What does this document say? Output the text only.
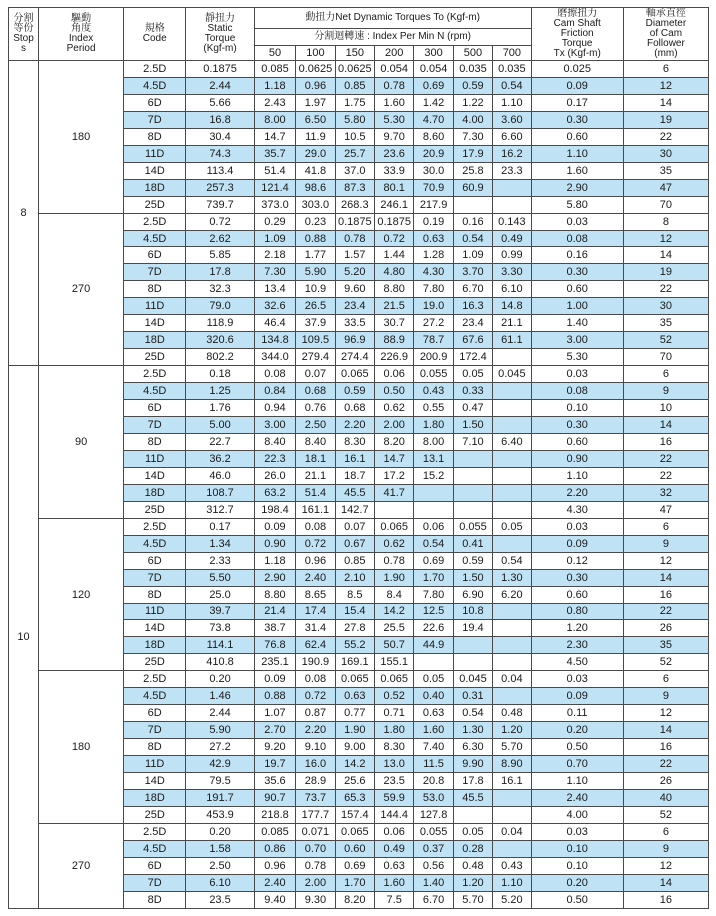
分割
等份
Stop
s	驅動
角度
Index
Period	規格
Code	靜扭力
Static
Torque
(Kgf-m)	動扭力Net Dynamic Torques To (Kgf-m)							磨擦扭力
Cam Shaft
Friction
Torque
Tx (Kgf-m)	軸承直徑
Diameter
of Cam
Follower
(mm)

				分割迴轉速 : Index Per Min N (rpm)								
				50	100	150	200	300	500	700		
8	180	2.5D	0.1875	0.085	0.0625	0.0625	0.054	0.054	0.035	0.035	0.025	6
		4.5D	2.44	1.18	0.96	0.85	0.78	0.69	0.59	0.54	0.09	12
		6D	5.66	2.43	1.97	1.75	1.60	1.42	1.22	1.10	0.17	14
		7D	16.8	8.00	6.50	5.80	5.30	4.70	4.00	3.60	0.30	19
		8D	30.4	14.7	11.9	10.5	9.70	8.60	7.30	6.60	0.60	22
		11D	74.3	35.7	29.0	25.7	23.6	20.9	17.9	16.2	1.10	30
		14D	113.4	51.4	41.8	37.0	33.9	30.0	25.8	23.3	1.60	35
		18D	257.3	121.4	98.6	87.3	80.1	70.9	60.9		2.90	47
		25D	739.7	373.0	303.0	268.3	246.1	217.9			5.80	70
	270	2.5D	0.72	0.29	0.23	0.1875	0.1875	0.19	0.16	0.143	0.03	8
		4.5D	2.62	1.09	0.88	0.78	0.72	0.63	0.54	0.49	0.08	12
		6D	5.85	2.18	1.77	1.57	1.44	1.28	1.09	0.99	0.16	14
		7D	17.8	7.30	5.90	5.20	4.80	4.30	3.70	3.30	0.30	19
		8D	32.3	13.4	10.9	9.60	8.80	7.80	6.70	6.10	0.60	22
		11D	79.0	32.6	26.5	23.4	21.5	19.0	16.3	14.8	1.00	30
		14D	118.9	46.4	37.9	33.5	30.7	27.2	23.4	21.1	1.40	35
		18D	320.6	134.8	109.5	96.9	88.9	78.7	67.6	61.1	3.00	52
		25D	802.2	344.0	279.4	274.4	226.9	200.9	172.4		5.30	70
10	90	2.5D	0.18	0.08	0.07	0.065	0.06	0.055	0.05	0.045	0.03	6
		4.5D	1.25	0.84	0.68	0.59	0.50	0.43	0.33		0.08	9
		6D	1.76	0.94	0.76	0.68	0.62	0.55	0.47		0.10	10
		7D	5.00	3.00	2.50	2.20	2.00	1.80	1.50		0.30	14
		8D	22.7	8.40	8.40	8.30	8.20	8.00	7.10	6.40	0.60	16
		11D	36.2	22.3	18.1	16.1	14.7	13.1			0.90	22
		14D	46.0	26.0	21.1	18.7	17.2	15.2			1.10	22
		18D	108.7	63.2	51.4	45.5	41.7				2.20	32
		25D	312.7	198.4	161.1	142.7					4.30	47
	120	2.5D	0.17	0.09	0.08	0.07	0.065	0.06	0.055	0.05	0.03	6
		4.5D	1.34	0.90	0.72	0.67	0.62	0.54	0.41		0.09	9
		6D	2.33	1.18	0.96	0.85	0.78	0.69	0.59	0.54	0.12	12
		7D	5.50	2.90	2.40	2.10	1.90	1.70	1.50	1.30	0.30	14
		8D	25.0	8.80	8.65	8.5	8.4	7.80	6.90	6.20	0.60	16
		11D	39.7	21.4	17.4	15.4	14.2	12.5	10.8		0.80	22
		14D	73.8	38.7	31.4	27.8	25.5	22.6	19.4		1.20	26
		18D	114.1	76.8	62.4	55.2	50.7	44.9			2.30	35
		25D	410.8	235.1	190.9	169.1	155.1				4.50	52
	180	2.5D	0.20	0.09	0.08	0.065	0.065	0.05	0.045	0.04	0.03	6
		4.5D	1.46	0.88	0.72	0.63	0.52	0.40	0.31		0.09	9
		6D	2.44	1.07	0.87	0.77	0.71	0.63	0.54	0.48	0.11	12
		7D	5.90	2.70	2.20	1.90	1.80	1.60	1.30	1.20	0.20	14
		8D	27.2	9.20	9.10	9.00	8.30	7.40	6.30	5.70	0.50	16
		11D	42.9	19.7	16.0	14.2	13.0	11.5	9.90	8.90	0.70	22
		14D	79.5	35.6	28.9	25.6	23.5	20.8	17.8	16.1	1.10	26
		18D	191.7	90.7	73.7	65.3	59.9	53.0	45.5		2.40	40
		25D	453.9	218.8	177.7	157.4	144.4	127.8			4.00	52
	270	2.5D	0.20	0.085	0.071	0.065	0.06	0.055	0.05	0.04	0.03	6
		4.5D	1.58	0.86	0.70	0.60	0.49	0.37	0.28		0.10	9
		6D	2.50	0.96	0.78	0.69	0.63	0.56	0.48	0.43	0.10	12
		7D	6.10	2.40	2.00	1.70	1.60	1.40	1.20	1.10	0.20	14
		8D	23.5	9.40	9.30	8.20	7.5	6.70	5.70	5.20	0.50	16
